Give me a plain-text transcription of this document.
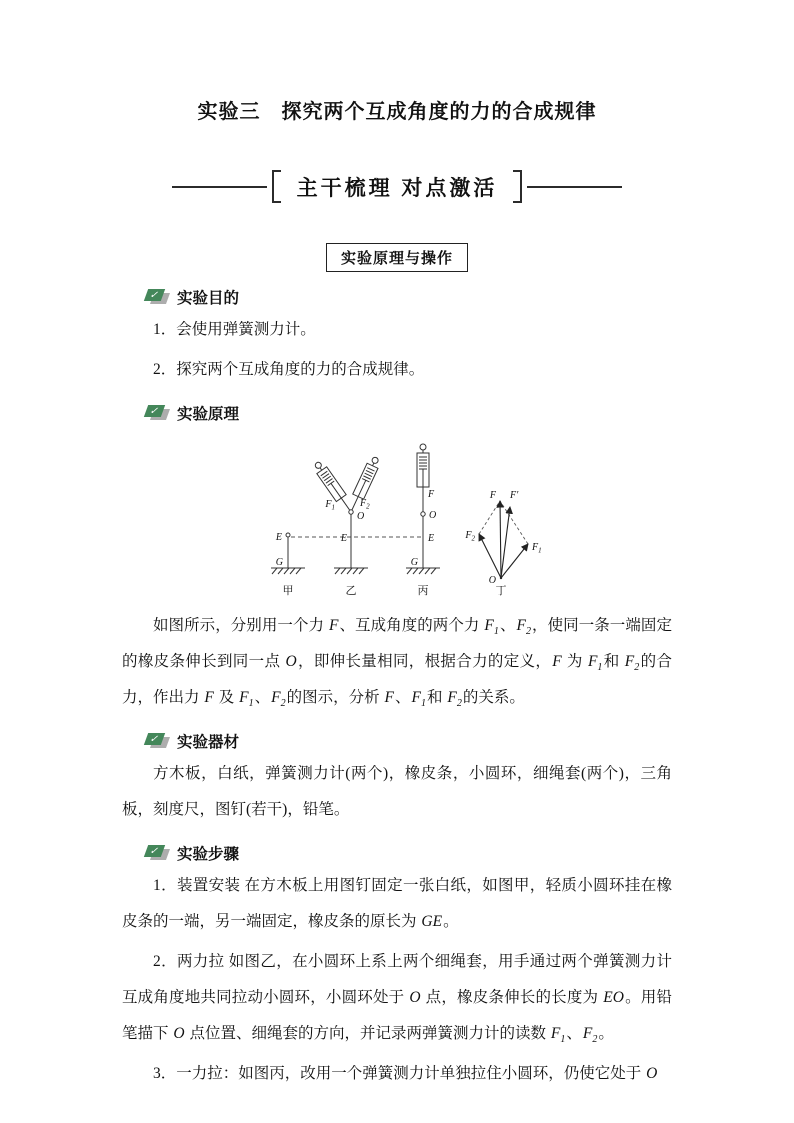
实验三　探究两个互成角度的力的合成规律
主干梳理 对点激活
实验原理与操作
✓ 实验目的

1．会使用弹簧测力计。

2．探究两个互成角度的力的合成规律。

✓ 实验原理
E
G
甲
$F_1$	$F_2$
O
E
乙
F
O
E
G
丙
F F′
$F_2$
$F_1$
O
丁

如图所示，分别用一个力 F、互成角度的两个力 $F_1$、$F_2$，使同一条一端固定的橡皮条伸长到同一点 O，即伸长量相同，根据合力的定义，F 为 $F_1$和 $F_2$的合力，作出力 F 及 $F_1$、$F_2$的图示，分析 F、$F_1$和 $F_2$的关系。

✓ 实验器材

方木板，白纸，弹簧测力计(两个)，橡皮条，小圆环，细绳套(两个)，三角板，刻度尺，图钉(若干)，铅笔。

✓ 实验步骤

1．装置安装 在方木板上用图钉固定一张白纸，如图甲，轻质小圆环挂在橡皮条的一端，另一端固定，橡皮条的原长为 GE。

2．两力拉 如图乙，在小圆环上系上两个细绳套，用手通过两个弹簧测力计互成角度地共同拉动小圆环，小圆环处于 O 点，橡皮条伸长的长度为 EO。用铅笔描下 O 点位置、细绳套的方向，并记录两弹簧测力计的读数 $F_1$、$F_2$。

3．一力拉：如图丙，改用一个弹簧测力计单独拉住小圆环，仍使它处于 O
